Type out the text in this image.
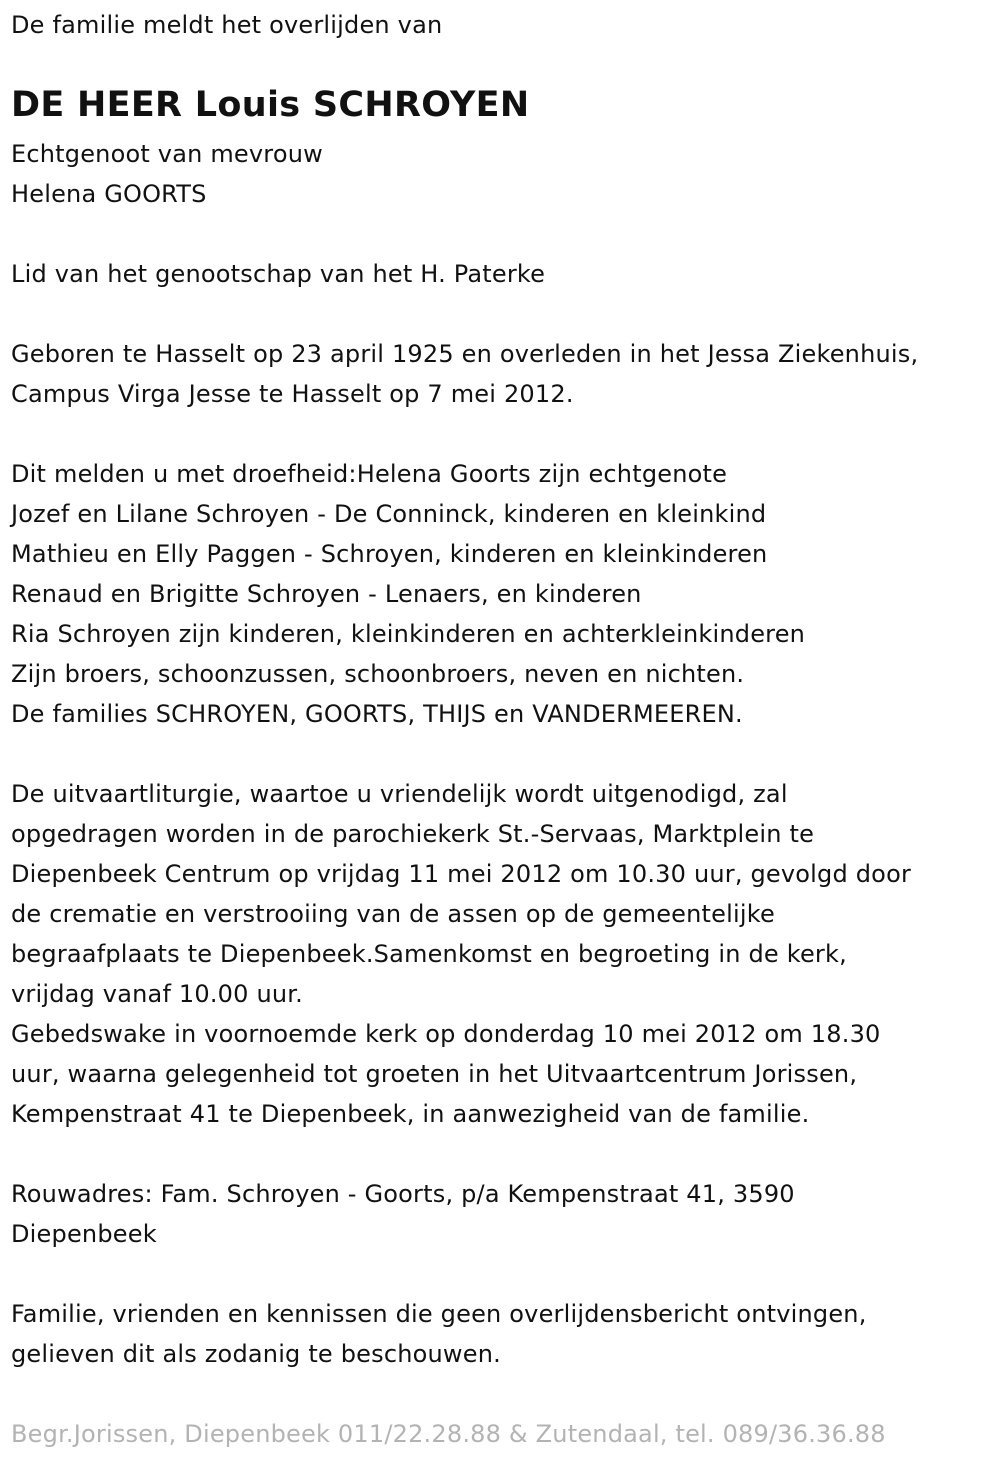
De familie meldt het overlijden van
DE HEER Louis SCHROYEN
Echtgenoot van mevrouw
Helena GOORTS
Lid van het genootschap van het H. Paterke
Geboren te Hasselt op 23 april 1925 en overleden in het Jessa Ziekenhuis,
Campus Virga Jesse te Hasselt op 7 mei 2012.
Dit melden u met droefheid:Helena Goorts zijn echtgenote
Jozef en Lilane Schroyen - De Conninck, kinderen en kleinkind
Mathieu en Elly Paggen - Schroyen, kinderen en kleinkinderen
Renaud en Brigitte Schroyen - Lenaers, en kinderen
Ria Schroyen zijn kinderen, kleinkinderen en achterkleinkinderen
Zijn broers, schoonzussen, schoonbroers, neven en nichten.
De families SCHROYEN, GOORTS, THIJS en VANDERMEEREN.
De uitvaartliturgie, waartoe u vriendelijk wordt uitgenodigd, zal
opgedragen worden in de parochiekerk St.-Servaas, Marktplein te
Diepenbeek Centrum op vrijdag 11 mei 2012 om 10.30 uur, gevolgd door
de crematie en verstrooiing van de assen op de gemeentelijke
begraafplaats te Diepenbeek.Samenkomst en begroeting in de kerk,
vrijdag vanaf 10.00 uur.
Gebedswake in voornoemde kerk op donderdag 10 mei 2012 om 18.30
uur, waarna gelegenheid tot groeten in het Uitvaartcentrum Jorissen,
Kempenstraat 41 te Diepenbeek, in aanwezigheid van de familie.
Rouwadres: Fam. Schroyen - Goorts, p/a Kempenstraat 41, 3590
Diepenbeek
Familie, vrienden en kennissen die geen overlijdensbericht ontvingen,
gelieven dit als zodanig te beschouwen.
Begr.Jorissen, Diepenbeek 011/22.28.88 & Zutendaal, tel. 089/36.36.88
